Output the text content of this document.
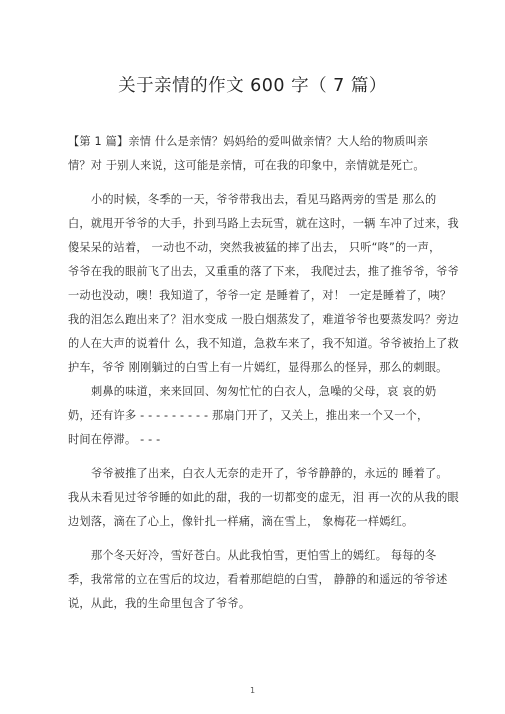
关于亲情的作文 600 字（ 7 篇）
【第 1 篇】亲情 什么是亲情？妈妈给的爱叫做亲情？大人给的物质叫亲
情？对 于别人来说，这可能是亲情，可在我的印象中，亲情就是死亡。
小的时候，冬季的一天，爷爷带我出去，看见马路两旁的雪是 那么的
白，就甩开爷爷的大手，扑到马路上去玩雪，就在这时，一辆 车冲了过来，我
傻呆呆的站着， 一动也不动，突然我被猛的摔了出去， 只听“咚”的一声，
爷爷在我的眼前飞了出去，又重重的落了下来， 我爬过去，推了推爷爷，爷爷
一动也没动，噢！我知道了，爷爷一定 是睡着了，对！ 一定是睡着了，咦？
我的泪怎么跑出来了？泪水变成 一股白烟蒸发了，难道爷爷也要蒸发吗？旁边
的人在大声的说着什 么，我不知道，急救车来了，我不知道。爷爷被抬上了救
护车，爷爷 刚刚躺过的白雪上有一片嫣红，显得那么的怪异，那么的刺眼。
刺鼻的味道，来来回回、匆匆忙忙的白衣人，急噪的父母，哀 哀的奶
奶，还有许多 - - - - - - - - - 那扇门开了，又关上，推出来一个又一个，
时间在停滞。 - - -
爷爷被推了出来，白衣人无奈的走开了，爷爷静静的，永远的 睡着了。
我从未看见过爷爷睡的如此的甜，我的一切都变的虚无，泪 再一次的从我的眼
边划落，滴在了心上，像针扎一样痛，滴在雪上， 象梅花一样嫣红。
那个冬天好冷，雪好苍白。从此我怕雪，更怕雪上的嫣红。 每每的冬
季，我常常的立在雪后的坟边，看着那皑皑的白雪， 静静的和遥远的爷爷述
说，从此，我的生命里包含了爷爷。
1
